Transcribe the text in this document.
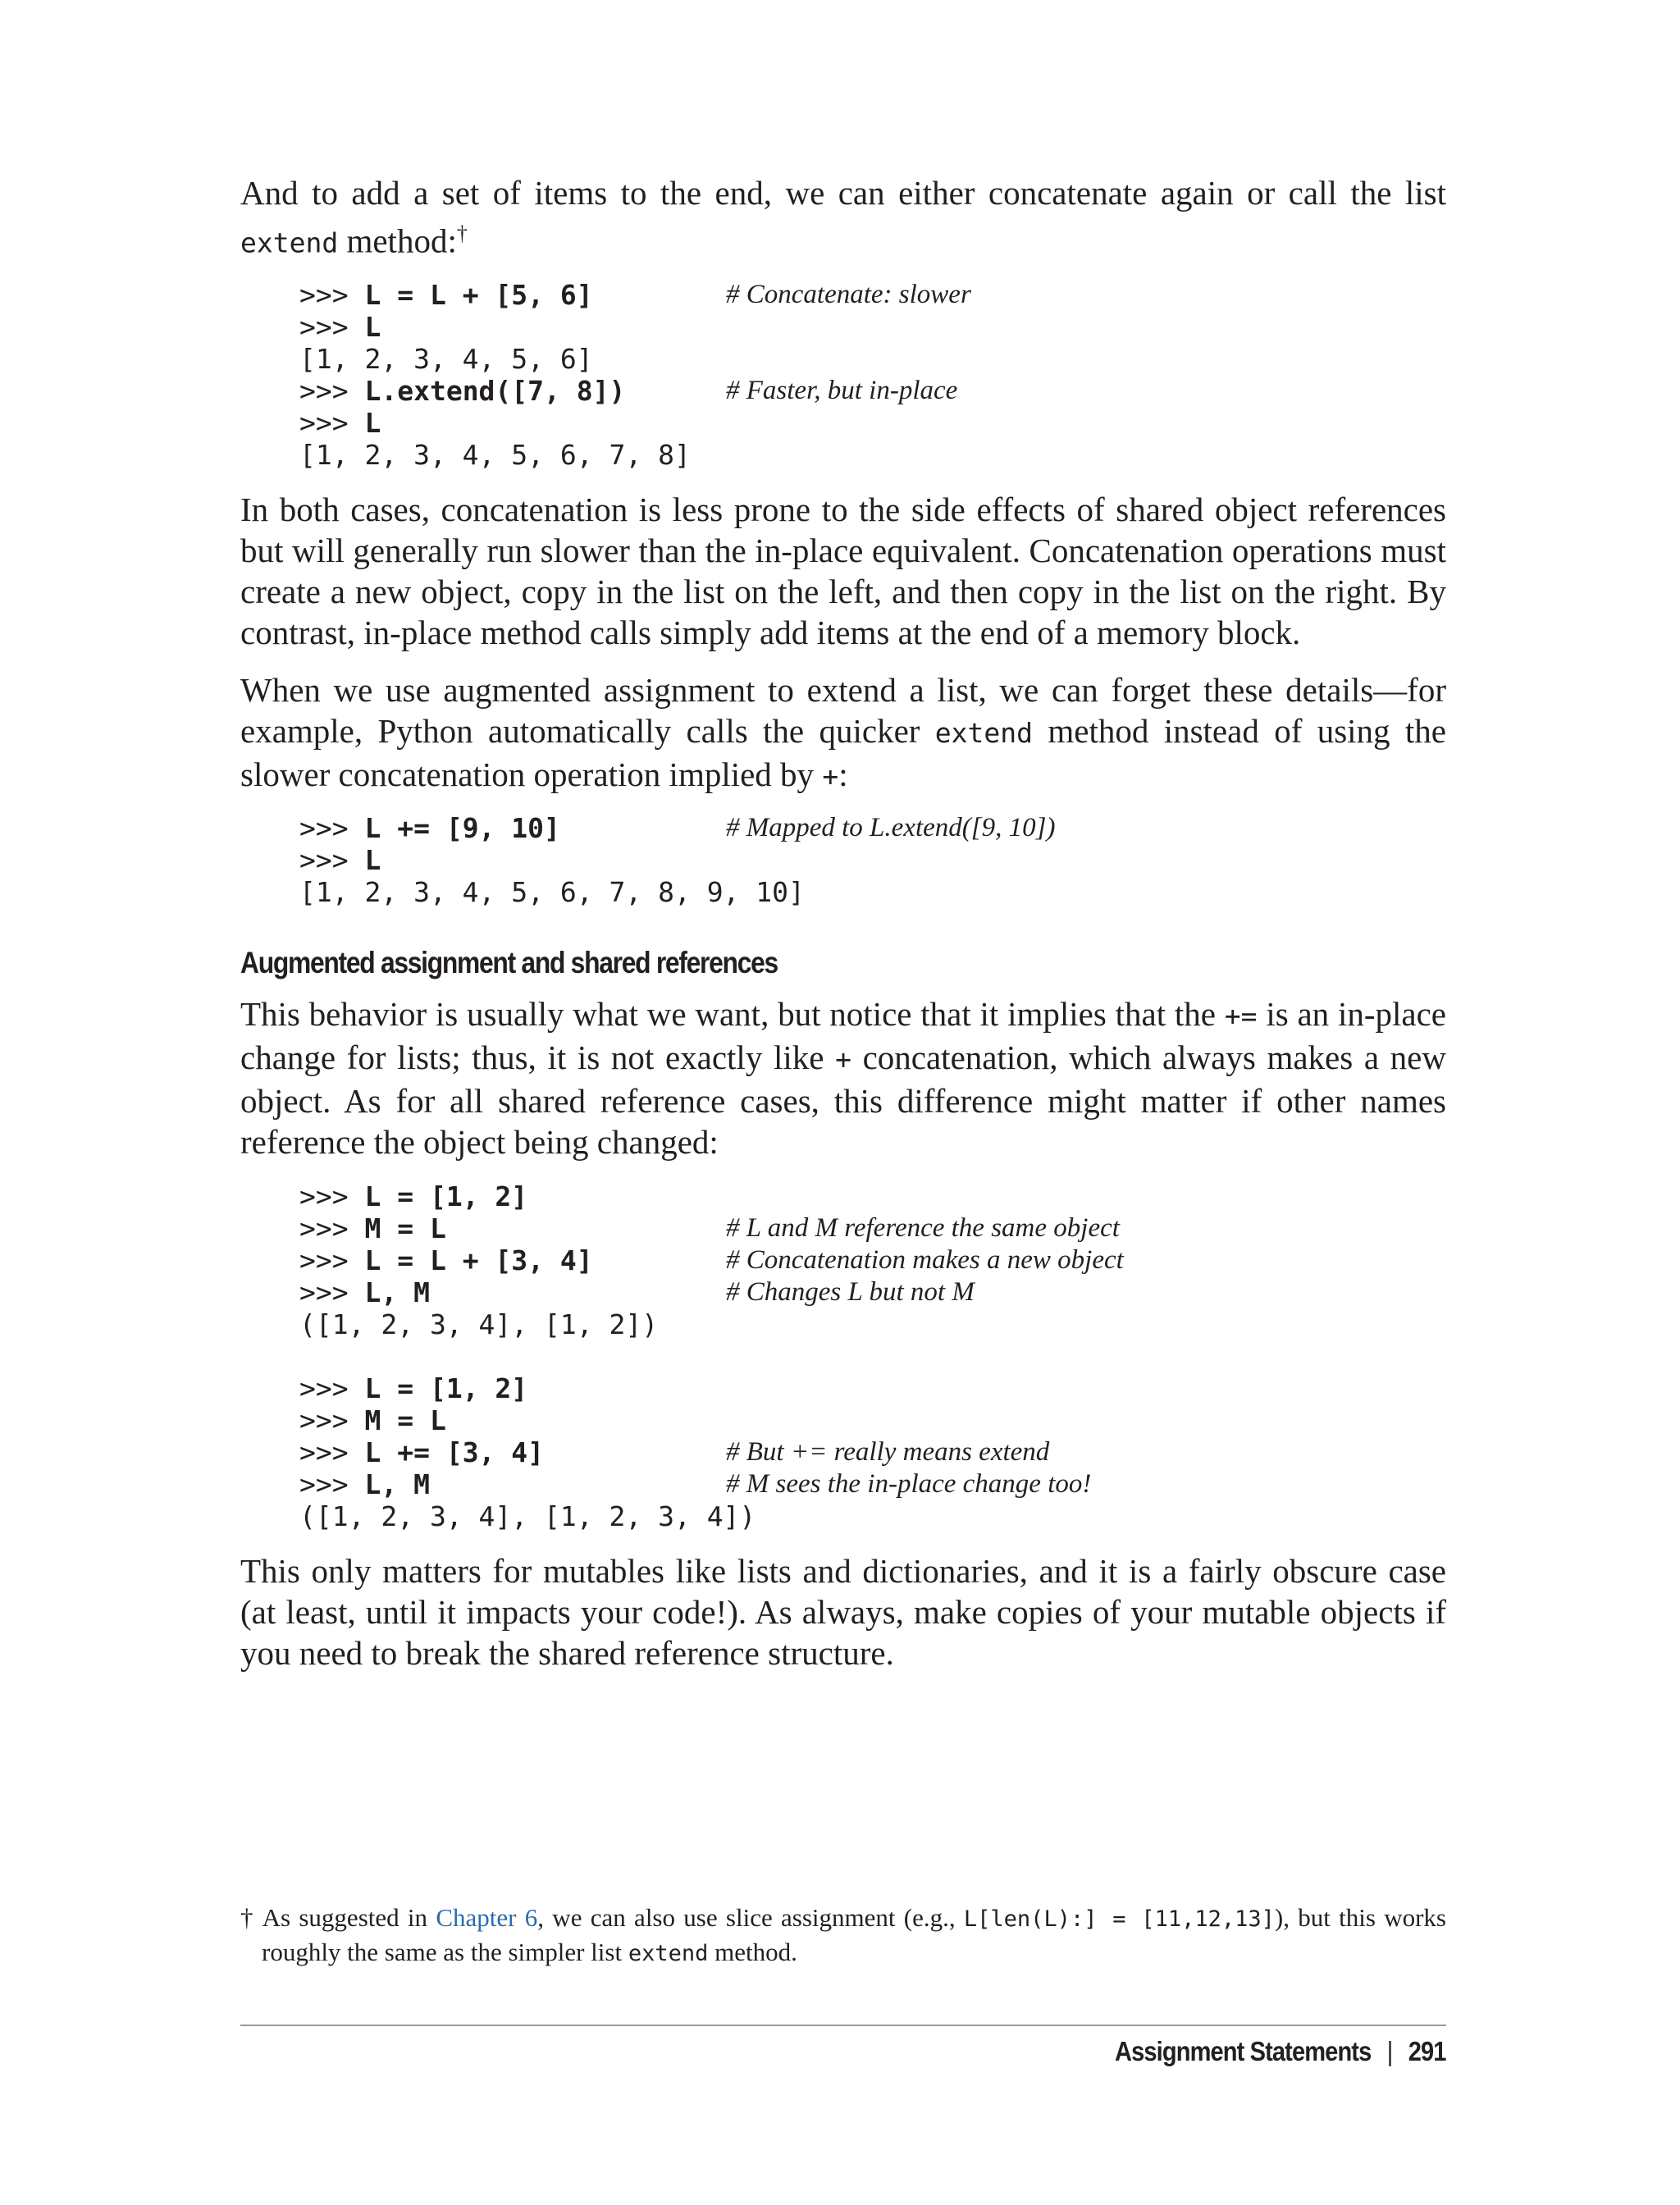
And to add a set of items to the end, we can either concatenate again or call the list extend method:†

>>> L = L + [5, 6]	# Concatenate: slower
>>> L
[1, 2, 3, 4, 5, 6]
>>> L.extend([7, 8])	# Faster, but in-place
>>> L
[1, 2, 3, 4, 5, 6, 7, 8]

In both cases, concatenation is less prone to the side effects of shared object references but will generally run slower than the in-place equivalent. Concatenation operations must create a new object, copy in the list on the left, and then copy in the list on the right. By contrast, in-place method calls simply add items at the end of a memory block.

When we use augmented assignment to extend a list, we can forget these details—for example, Python automatically calls the quicker extend method instead of using the slower concatenation operation implied by +:

>>> L += [9, 10]	# Mapped to L.extend([9, 10])
>>> L
[1, 2, 3, 4, 5, 6, 7, 8, 9, 10]
Augmented assignment and shared references

This behavior is usually what we want, but notice that it implies that the += is an in-place change for lists; thus, it is not exactly like + concatenation, which always makes a new object. As for all shared reference cases, this difference might matter if other names reference the object being changed:

>>> L = [1, 2]
>>> M = L	# L and M reference the same object
>>> L = L + [3, 4]	# Concatenation makes a new object
>>> L, M	# Changes L but not M
([1, 2, 3, 4], [1, 2])
>>> L = [1, 2]
>>> M = L
>>> L += [3, 4]	# But += really means extend
>>> L, M	# M sees the in-place change too!
([1, 2, 3, 4], [1, 2, 3, 4])

This only matters for mutables like lists and dictionaries, and it is a fairly obscure case (at least, until it impacts your code!). As always, make copies of your mutable objects if you need to break the shared reference structure.

† As suggested in Chapter 6, we can also use slice assignment (e.g., L[len(L):] = [11,12,13]), but this works roughly the same as the simpler list extend method.
Assignment Statements | 291
